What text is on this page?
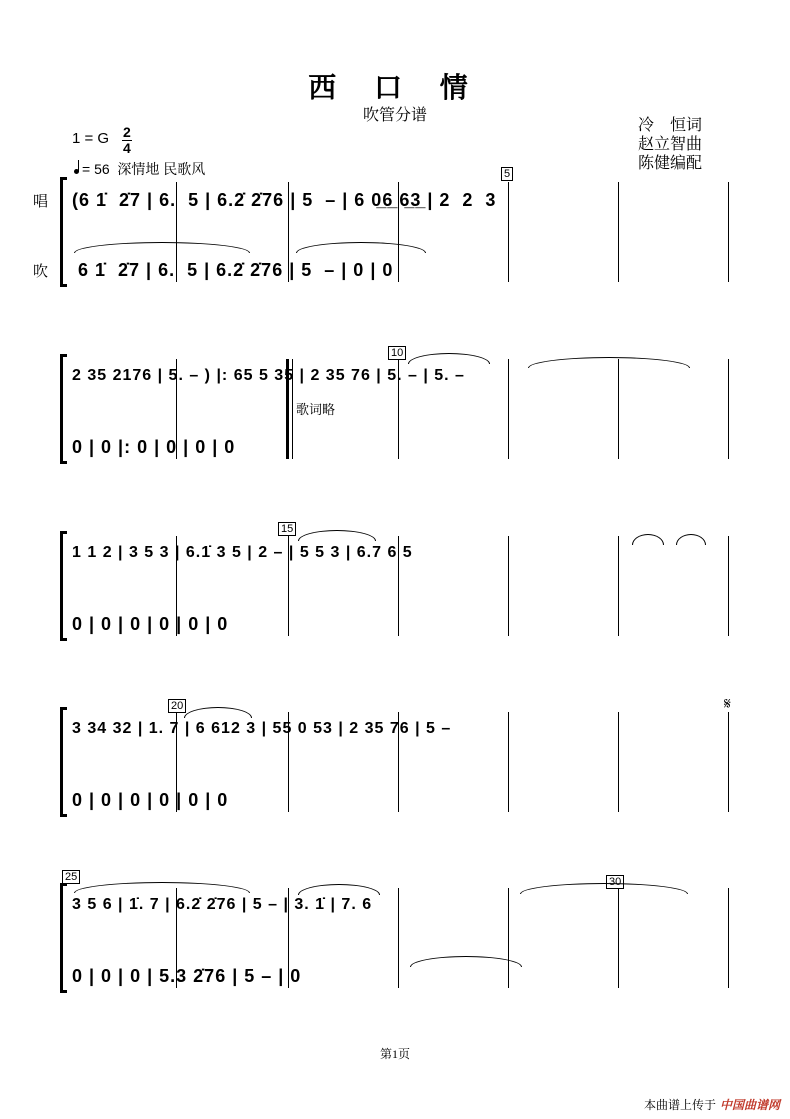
西 口 情
吹管分谱
冷　恒词
赵立智曲
陈健编配
1 = G 2
4
= 56 深情地 民歌风
唱
吹
5
(6 1̇  2̇7 | 6.  5 | 6.2̇ 2̇76 | 5  – | 6 0̲6̲ 6̲3̲ | 2  2  3
6 1̇  2̇7 | 6.  5 | 6.2̇ 2̇76 | 5  – | 0 | 0
10
2 35 2176 | 5. – ) |: 65 5 35 | 2 35 76 | 5. – | 5. –
歌词略
0 | 0 |: 0 | 0 | 0 | 0
15
1 1 2 | 3 5 3 | 6.1̇ 3 5 | 2 – | 5 5 3 | 6.7 6 5
0 | 0 | 0 | 0 | 0 | 0
20	𝄋
3 34 32 | 1. 7 | 6 612 3 | 55 0 53 | 2 35 76 | 5 –
0 | 0 | 0 | 0 | 0 | 0
25	30
3 5 6 | 1̇. 7 | 6.2̇ 2̇76 | 5 – | 3. 1̇ | 7. 6
0 | 0 | 0 | 5.3 2̇76 | 5 – | 0
第1页
本曲谱上传于 中国曲谱网
